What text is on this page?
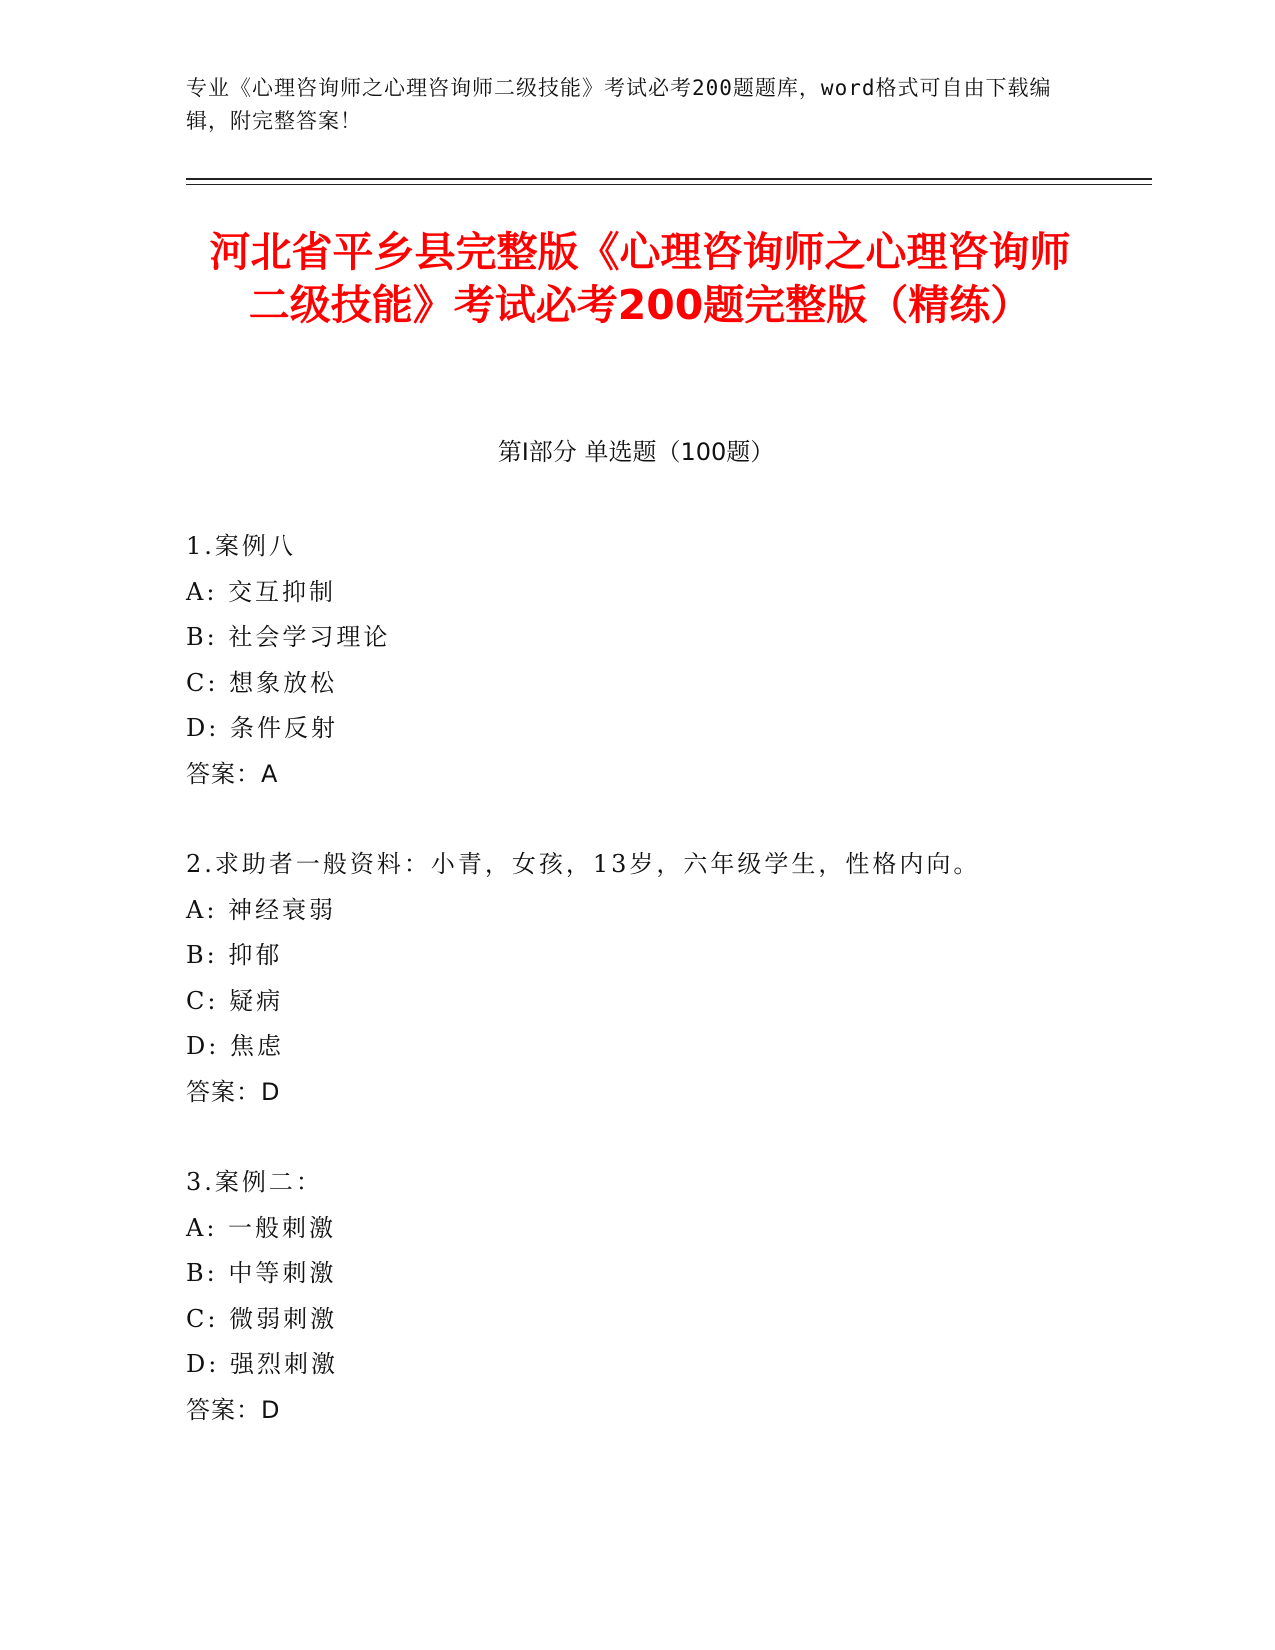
专业《心理咨询师之心理咨询师二级技能》考试必考200题题库，word格式可自由下载编辑，附完整答案！
河北省平乡县完整版《心理咨询师之心理咨询师二级技能》考试必考200题完整版（精练）
第I部分 单选题（100题）
1.案例八
A: 交互抑制
B: 社会学习理论
C: 想象放松
D: 条件反射
答案：A
2.求助者一般资料：小青，女孩，13岁，六年级学生，性格内向。
A: 神经衰弱
B: 抑郁
C: 疑病
D: 焦虑
答案：D
3.案例二：
A: 一般刺激
B: 中等刺激
C: 微弱刺激
D: 强烈刺激
答案：D
